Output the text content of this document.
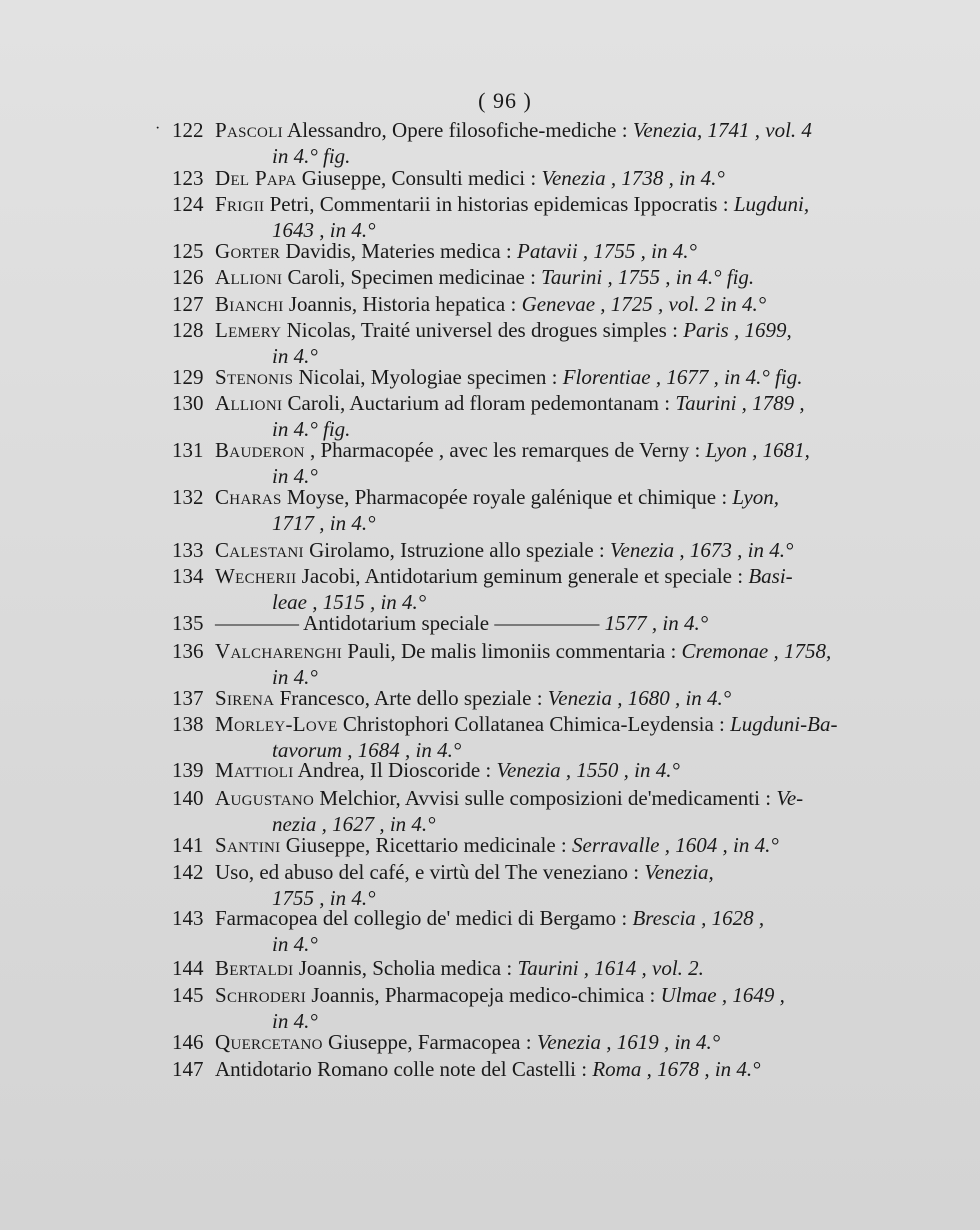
·
( 96 )
122 Pascoli Alessandro, Opere filosofiche-mediche : Venezia, 1741 , vol. 4
in 4.° fig.
123 Del Papa Giuseppe, Consulti medici : Venezia , 1738 , in 4.°
124 Frigii Petri, Commentarii in historias epidemicas Ippocratis : Lugduni,
1643 , in 4.°
125 Gorter Davidis, Materies medica : Patavii , 1755 , in 4.°
126 Allioni Caroli, Specimen medicinae : Taurini , 1755 , in 4.° fig.
127 Bianchi Joannis, Historia hepatica : Genevae , 1725 , vol. 2 in 4.°
128 Lemery Nicolas, Traité universel des drogues simples : Paris , 1699,
in 4.°
129 Stenonis Nicolai, Myologiae specimen : Florentiae , 1677 , in 4.° fig.
130 Allioni Caroli, Auctarium ad floram pedemontanam : Taurini , 1789 ,
in 4.° fig.
131 Bauderon , Pharmacopée , avec les remarques de Verny : Lyon , 1681,
in 4.°
132 Charas Moyse, Pharmacopée royale galénique et chimique : Lyon,
1717 , in 4.°
133 Calestani Girolamo, Istruzione allo speziale : Venezia , 1673 , in 4.°
134 Wecherii Jacobi, Antidotarium geminum generale et speciale : Basi-
leae , 1515 , in 4.°
135 ———— Antidotarium speciale ————— 1577 , in 4.°
136 Valcharenghi Pauli, De malis limoniis commentaria : Cremonae , 1758,
in 4.°
137 Sirena Francesco, Arte dello speziale : Venezia , 1680 , in 4.°
138 Morley-Love Christophori Collatanea Chimica-Leydensia : Lugduni-Ba-
tavorum , 1684 , in 4.°
139 Mattioli Andrea, Il Dioscoride : Venezia , 1550 , in 4.°
140 Augustano Melchior, Avvisi sulle composizioni de'medicamenti : Ve-
nezia , 1627 , in 4.°
141 Santini Giuseppe, Ricettario medicinale : Serravalle , 1604 , in 4.°
142 Uso, ed abuso del café, e virtù del The veneziano : Venezia,
1755 , in 4.°
143 Farmacopea del collegio de' medici di Bergamo : Brescia , 1628 ,
in 4.°
144 Bertaldi Joannis, Scholia medica : Taurini , 1614 , vol. 2.
145 Schroderi Joannis, Pharmacopeja medico-chimica : Ulmae , 1649 ,
in 4.°
146 Quercetano Giuseppe, Farmacopea : Venezia , 1619 , in 4.°
147 Antidotario Romano colle note del Castelli : Roma , 1678 , in 4.°
